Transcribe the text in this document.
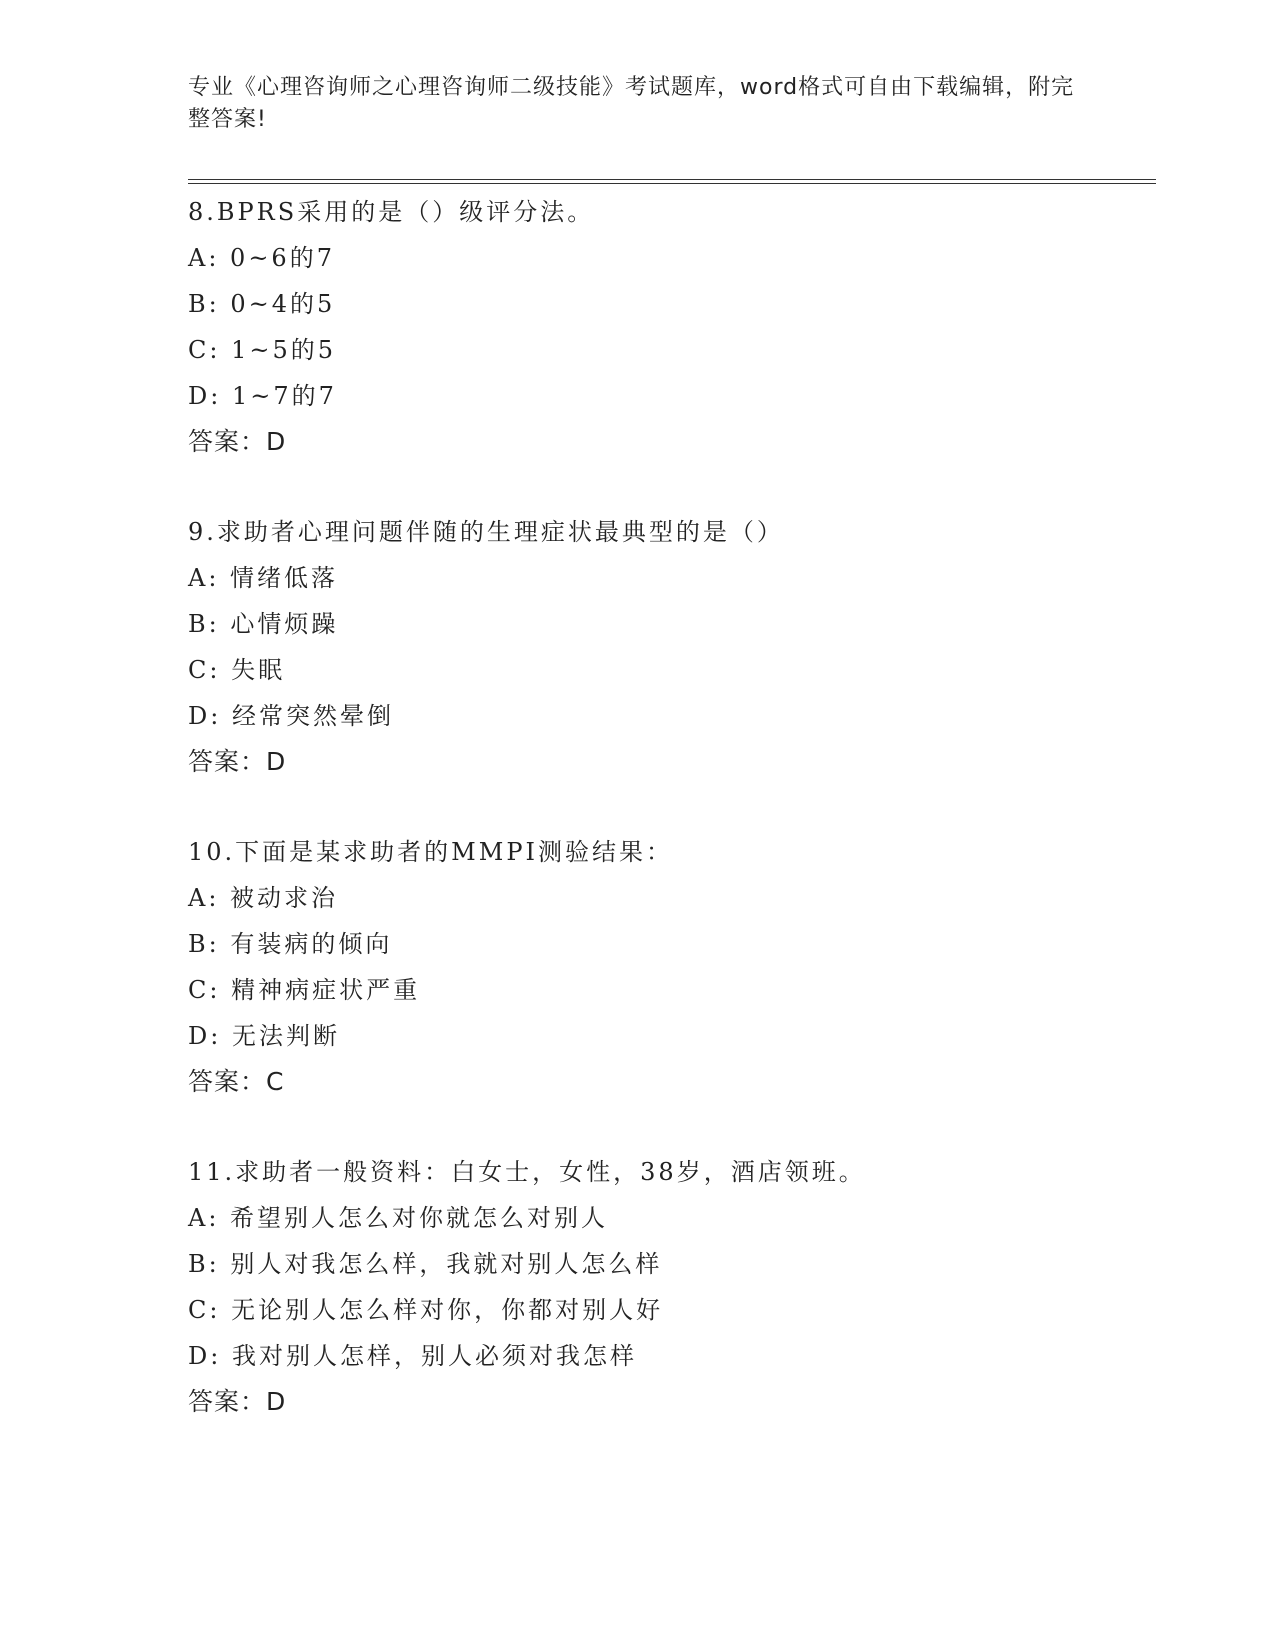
专业《心理咨询师之心理咨询师二级技能》考试题库，word格式可自由下载编辑，附完整答案!
8.BPRS采用的是（）级评分法。
A: 0~6的7
B: 0~4的5
C: 1~5的5
D: 1~7的7
答案：D
9.求助者心理问题伴随的生理症状最典型的是（）
A: 情绪低落
B: 心情烦躁
C: 失眠
D: 经常突然晕倒
答案：D
10.下面是某求助者的MMPI测验结果：
A: 被动求治
B: 有装病的倾向
C: 精神病症状严重
D: 无法判断
答案：C
11.求助者一般资料：白女士，女性，38岁，酒店领班。
A: 希望别人怎么对你就怎么对别人
B: 别人对我怎么样，我就对别人怎么样
C: 无论别人怎么样对你，你都对别人好
D: 我对别人怎样，别人必须对我怎样
答案：D
